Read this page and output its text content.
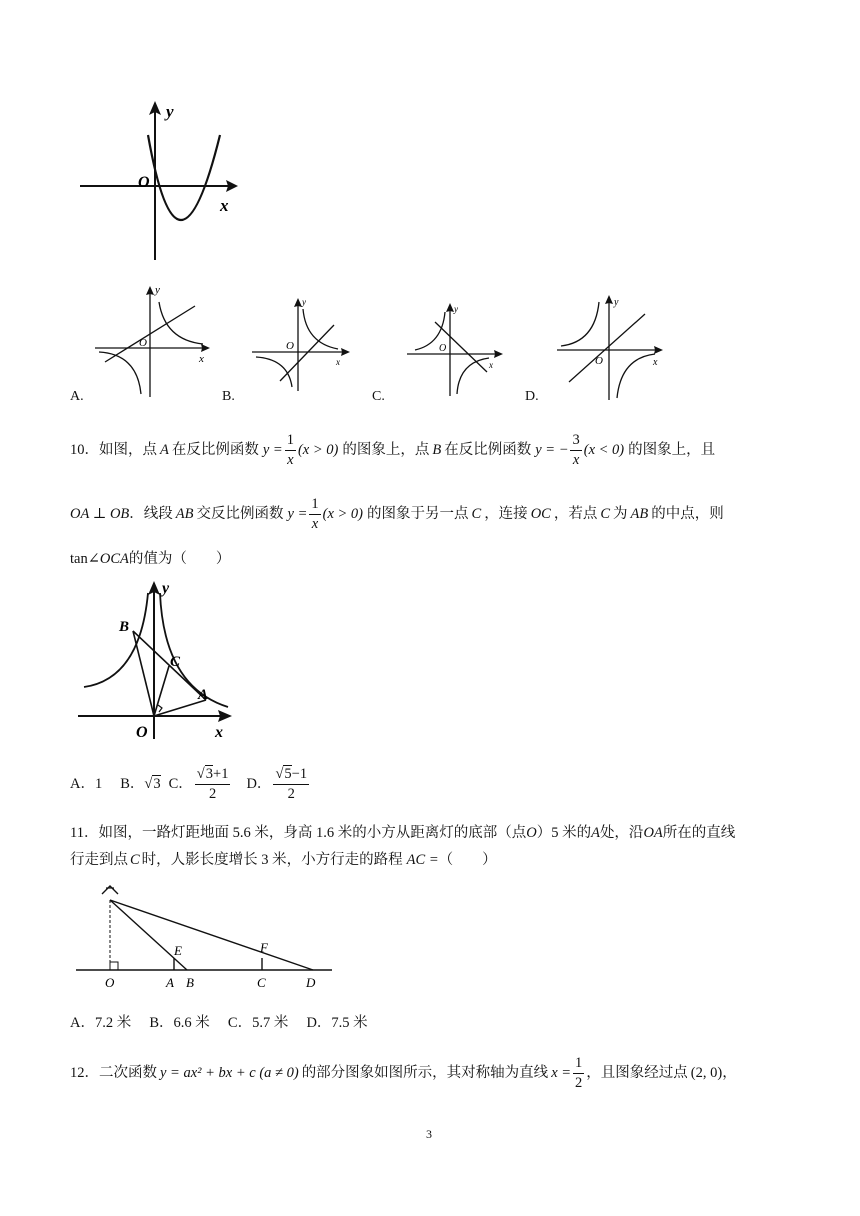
y
x
O
y
x
O
A.
y
x
O
B.
y
x
O
C.
y
x
O
D.
10． 如图，点 A 在反比例函数 $y = \frac{1}{x} (x > 0)$ 的图象上，点 B 在反比例函数 y = − $\frac{3}{x} (x < 0)$ 的图象上，且
OA ⊥ OB ．线段 AB 交反比例函数 $y = \frac{1}{x} (x > 0)$ 的图象于另一点 C ，连接 OC ，若点 C 为 AB 的中点，则
tan∠OCA的值为（　　）
y
x
O
A
B
C
A．1 B． √3 C． $\frac{√3+1}{2}$ D． $\frac{√5-1}{2}$
11．如图，一路灯距地面 5.6 米，身高 1.6 米的小方从距离灯的底部（点O）5 米的A处，沿OA所在的直线
行走到点 C 时，人影长度增长 3 米，小方行走的路程 AC =（　　）
O	A B	C	D
E	F
A．7.2 米　 B．6.6 米　 C．5.7 米　 D．7.5 米
12．二次函数 y = ax² + bx + c (a ≠ 0) 的部分图象如图所示，其对称轴为直线 $x = \frac{1}{2}$ ，且图象经过点 (2, 0) ，
3
